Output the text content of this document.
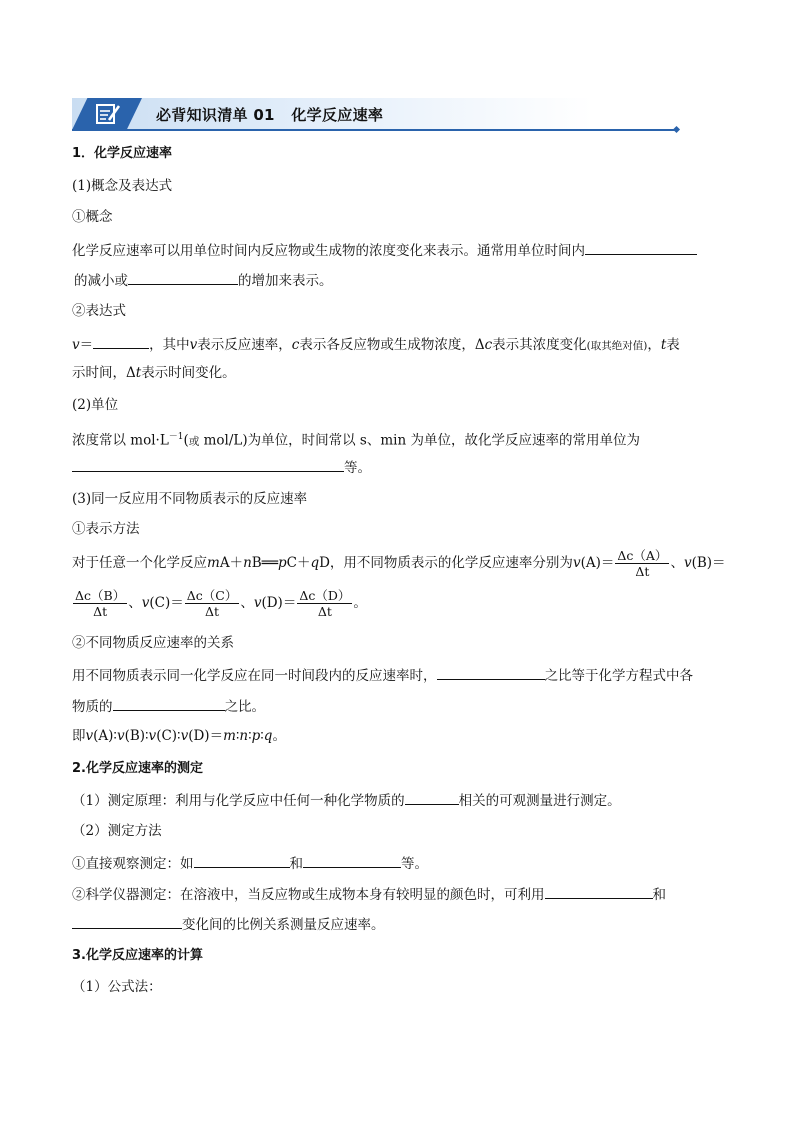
必背知识清单 01   化学反应速率
1．化学反应速率
(1)概念及表达式
①概念
化学反应速率可以用单位时间内反应物或生成物的浓度变化来表示。通常用单位时间内
的减小或	的增加来表示。
②表达式
v＝	，其中v表示反应速率，c表示各反应物或生成物浓度，Δc表示其浓度变化(取其绝对值)，t表
示时间，Δt表示时间变化。
(2)单位
浓度常以 $mol\cdot L^{-1}$(或 mol/L)为单位，时间常以 s、min 为单位，故化学反应速率的常用单位为
等。
(3)同一反应用不同物质表示的反应速率
①表示方法
对于任意一个化学反应mA＋nB══pC＋qD，用不同物质表示的化学反应速率分别为$v(A)= \frac{\Delta c(A)}{\Delta t}$ 、v(B)＝
$\frac{\Delta c(B)}{\Delta t}$ 、$v(C)= \frac{\Delta c(C)}{\Delta t}$ 、$v(D)= \frac{\Delta c(D)}{\Delta t}$ 。
②不同物质反应速率的关系
用不同物质表示同一化学反应在同一时间段内的反应速率时，	之比等于化学方程式中各
物质的	之比。
即v(A)∶v(B)∶v(C)∶v(D)＝m∶n∶p∶q。
2.化学反应速率的测定
（1）测定原理：利用与化学反应中任何一种化学物质的	相关的可观测量进行测定。
（2）测定方法
①直接观察测定：如	和	等。
②科学仪器测定：在溶液中，当反应物或生成物本身有较明显的颜色时，可利用	和
变化间的比例关系测量反应速率。
3.化学反应速率的计算
（1）公式法：
